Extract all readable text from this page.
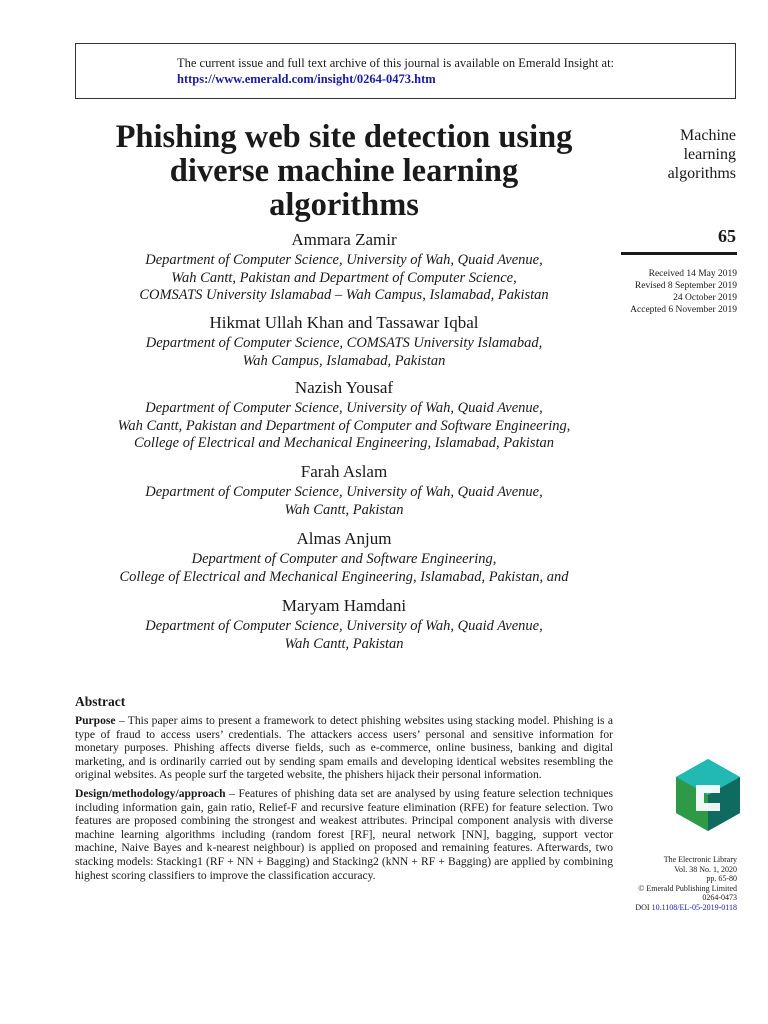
The current issue and full text archive of this journal is available on Emerald Insight at:
https://www.emerald.com/insight/0264-0473.htm
Phishing web site detection using
diverse machine learning
algorithms
Machine
learning
algorithms
65
Received 14 May 2019
Revised 8 September 2019
24 October 2019
Accepted 6 November 2019
Ammara Zamir
Department of Computer Science, University of Wah, Quaid Avenue,
Wah Cantt, Pakistan and Department of Computer Science,
COMSATS University Islamabad – Wah Campus, Islamabad, Pakistan
Hikmat Ullah Khan and Tassawar Iqbal
Department of Computer Science, COMSATS University Islamabad,
Wah Campus, Islamabad, Pakistan
Nazish Yousaf
Department of Computer Science, University of Wah, Quaid Avenue,
Wah Cantt, Pakistan and Department of Computer and Software Engineering,
College of Electrical and Mechanical Engineering, Islamabad, Pakistan
Farah Aslam
Department of Computer Science, University of Wah, Quaid Avenue,
Wah Cantt, Pakistan
Almas Anjum
Department of Computer and Software Engineering,
College of Electrical and Mechanical Engineering, Islamabad, Pakistan, and
Maryam Hamdani
Department of Computer Science, University of Wah, Quaid Avenue,
Wah Cantt, Pakistan
Abstract

Purpose – This paper aims to present a framework to detect phishing websites using stacking model. Phishing is a type of fraud to access users’ credentials. The attackers access users’ personal and sensitive information for monetary purposes. Phishing affects diverse fields, such as e-commerce, online business, banking and digital marketing, and is ordinarily carried out by sending spam emails and developing identical websites resembling the original websites. As people surf the targeted website, the phishers hijack their personal information.

Design/methodology/approach – Features of phishing data set are analysed by using feature selection techniques including information gain, gain ratio, Relief-F and recursive feature elimination (RFE) for feature selection. Two features are proposed combining the strongest and weakest attributes. Principal component analysis with diverse machine learning algorithms including (random forest [RF], neural network [NN], bagging, support vector machine, Naive Bayes and k-nearest neighbour) is applied on proposed and remaining features. Afterwards, two stacking models: Stacking1 (RF + NN + Bagging) and Stacking2 (kNN + RF + Bagging) are applied by combining highest scoring classifiers to improve the classification accuracy.

The Electronic Library
Vol. 38 No. 1, 2020
pp. 65-80
© Emerald Publishing Limited
0264-0473
DOI 10.1108/EL-05-2019-0118
